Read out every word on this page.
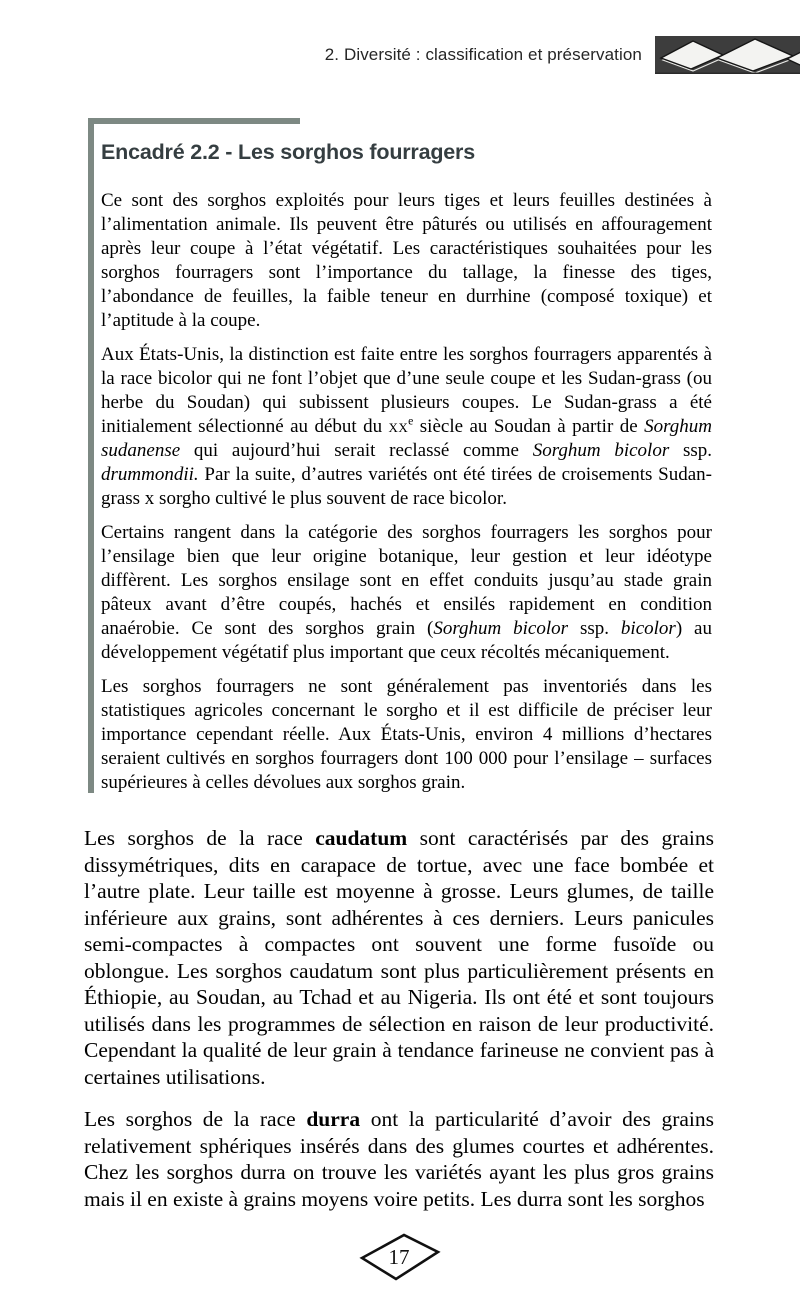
2. Diversité : classification et préservation
Encadré 2.2 - Les sorghos fourragers

Ce sont des sorghos exploités pour leurs tiges et leurs feuilles destinées à l’alimentation animale. Ils peuvent être pâturés ou utilisés en affouragement après leur coupe à l’état végétatif. Les caractéristiques souhaitées pour les sorghos fourragers sont l’importance du tallage, la finesse des tiges, l’abondance de feuilles, la faible teneur en durrhine (composé toxique) et l’aptitude à la coupe.

Aux États-Unis, la distinction est faite entre les sorghos fourragers apparentés à la race bicolor qui ne font l’objet que d’une seule coupe et les Sudan-grass (ou herbe du Soudan) qui subissent plusieurs coupes. Le Sudan-grass a été initialement sélectionné au début du $xx^e$ siècle au Soudan à partir de Sorghum sudanense qui aujourd’hui serait reclassé comme Sorghum bicolor ssp. drummondii. Par la suite, d’autres variétés ont été tirées de croisements Sudan-grass x sorgho cultivé le plus souvent de race bicolor.

Certains rangent dans la catégorie des sorghos fourragers les sorghos pour l’ensilage bien que leur origine botanique, leur gestion et leur idéotype diffèrent. Les sorghos ensilage sont en effet conduits jusqu’au stade grain pâteux avant d’être coupés, hachés et ensilés rapidement en condition anaérobie. Ce sont des sorghos grain (Sorghum bicolor ssp. bicolor) au développement végétatif plus important que ceux récoltés mécaniquement.

Les sorghos fourragers ne sont généralement pas inventoriés dans les statistiques agricoles concernant le sorgho et il est difficile de préciser leur importance cependant réelle. Aux États-Unis, environ 4 millions d’hectares seraient cultivés en sorghos fourragers dont 100 000 pour l’ensilage – surfaces supérieures à celles dévolues aux sorghos grain.

Les sorghos de la race caudatum sont caractérisés par des grains dissymétriques, dits en carapace de tortue, avec une face bombée et l’autre plate. Leur taille est moyenne à grosse. Leurs glumes, de taille inférieure aux grains, sont adhérentes à ces derniers. Leurs panicules semi-compactes à compactes ont souvent une forme fusoïde ou oblongue. Les sorghos caudatum sont plus particulièrement présents en Éthiopie, au Soudan, au Tchad et au Nigeria. Ils ont été et sont toujours utilisés dans les programmes de sélection en raison de leur productivité. Cependant la qualité de leur grain à tendance farineuse ne convient pas à certaines utilisations.

Les sorghos de la race durra ont la particularité d’avoir des grains relativement sphériques insérés dans des glumes courtes et adhérentes. Chez les sorghos durra on trouve les variétés ayant les plus gros grains mais il en existe à grains moyens voire petits. Les durra sont les sorghos

17
